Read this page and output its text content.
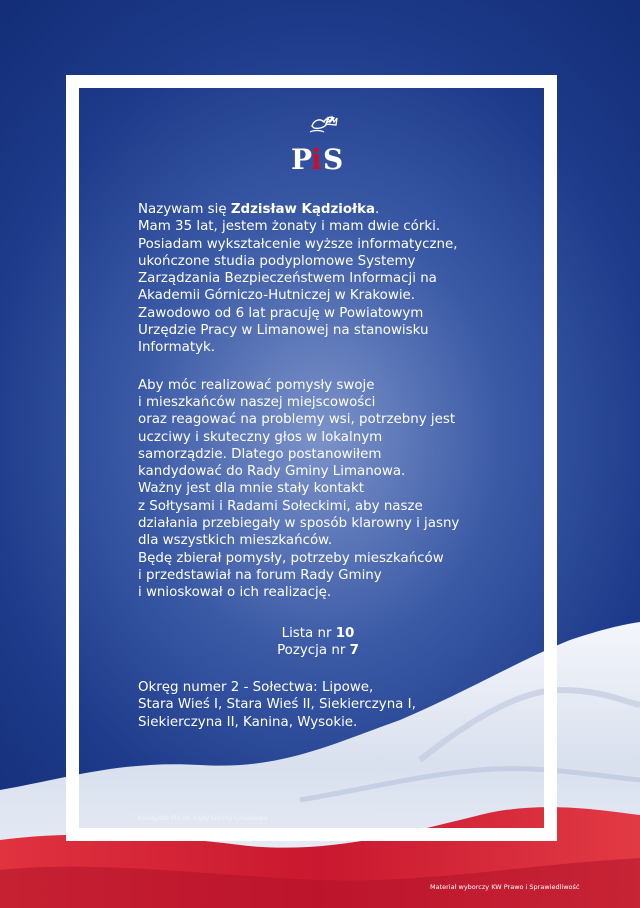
P
i S

Nazywam się Zdzisław Kądziołka.

Mam 35 lat, jestem żonaty i mam dwie córki.
Posiadam wykształcenie wyższe informatyczne,
ukończone studia podyplomowe Systemy
Zarządzania Bezpieczeństwem Informacji na
Akademii Górniczo-Hutniczej w Krakowie.
Zawodowo od 6 lat pracuję w Powiatowym
Urzędzie Pracy w Limanowej na stanowisku
Informatyk.

Aby móc realizować pomysły swoje
i mieszkańców naszej miejscowości
oraz reagować na problemy wsi, potrzebny jest
uczciwy i skuteczny głos w lokalnym
samorządzie. Dlatego postanowiłem
kandydować do Rady Gminy Limanowa.
Ważny jest dla mnie stały kontakt
z Sołtysami i Radami Sołeckimi, aby nasze
działania przebiegały w sposób klarowny i jasny
dla wszystkich mieszkańców.
Będę zbierał pomysły, potrzeby mieszkańców
i przedstawiał na forum Rady Gminy
i wnioskował o ich realizację.

Lista nr 10

Pozycja nr 7

Okręg numer 2 - Sołectwa: Lipowe,
Stara Wieś I, Stara Wieś II, Siekierczyna I,
Siekierczyna II, Kanina, Wysokie.

Kandydat PiS do Rady Gminy Limanowa
Materiał wyborczy KW Prawo i Sprawiedliwość
